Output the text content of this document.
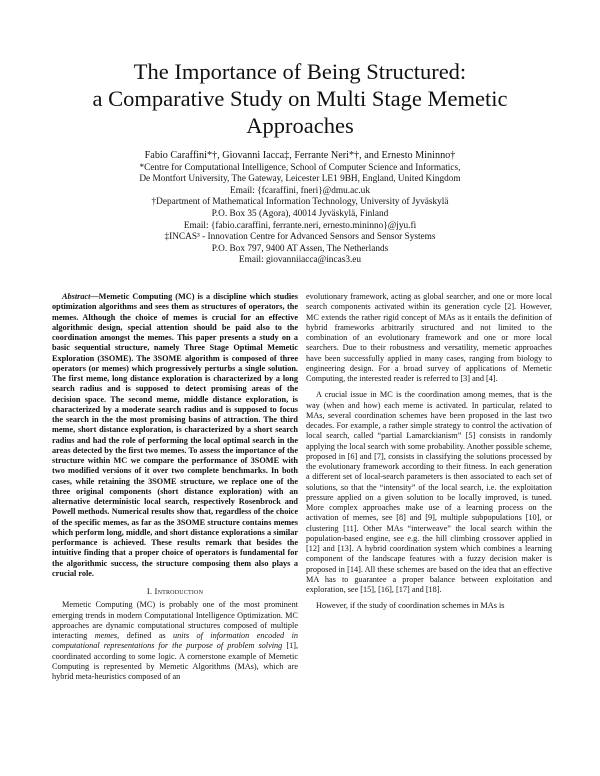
The Importance of Being Structured:
a Comparative Study on Multi Stage Memetic
Approaches
Fabio Caraffini*†, Giovanni Iacca‡, Ferrante Neri*†, and Ernesto Mininno†
*Centre for Computational Intelligence, School of Computer Science and Informatics,
De Montfort University, The Gateway, Leicester LE1 9BH, England, United Kingdom
Email: {fcaraffini, fneri}@dmu.ac.uk
†Department of Mathematical Information Technology, University of Jyväskylä
P.O. Box 35 (Agora), 40014 Jyväskylä, Finland
Email: {fabio.caraffini, ferrante.neri, ernesto.mininno}@jyu.fi
‡INCAS³ - Innovation Centre for Advanced Sensors and Sensor Systems
P.O. Box 797, 9400 AT Assen, The Netherlands
Email: giovanniiacca@incas3.eu

Abstract—Memetic Computing (MC) is a discipline which studies optimization algorithms and sees them as structures of operators, the memes. Although the choice of memes is crucial for an effective algorithmic design, special attention should be paid also to the coordination amongst the memes. This paper presents a study on a basic sequential structure, namely Three Stage Optimal Memetic Exploration (3SOME). The 3SOME algorithm is composed of three operators (or memes) which progressively perturbs a single solution. The first meme, long distance exploration is characterized by a long search radius and is supposed to detect promising areas of the decision space. The second meme, middle distance exploration, is characterized by a moderate search radius and is supposed to focus the search in the the most promising basins of attraction. The third meme, short distance exploration, is characterized by a short search radius and had the role of performing the local optimal search in the areas detected by the first two memes. To assess the importance of the structure within MC we compare the performance of 3SOME with two modified versions of it over two complete benchmarks. In both cases, while retaining the 3SOME structure, we replace one of the three original components (short distance exploration) with an alternative deterministic local search, respectively Rosenbrock and Powell methods. Numerical results show that, regardless of the choice of the specific memes, as far as the 3SOME structure contains memes which perform long, middle, and short distance explorations a similar performance is achieved. These results remark that besides the intuitive finding that a proper choice of operators is fundamental for the algorithmic success, the structure composing them also plays a crucial role.

I. Introduction

Memetic Computing (MC) is probably one of the most prominent emerging trends in modern Computational Intelligence Optimization. MC approaches are dynamic computational structures composed of multiple interacting memes, defined as units of information encoded in computational representations for the purpose of problem solving [1], coordinated according to some logic. A cornerstone example of Memetic Computing is represented by Memetic Algorithms (MAs), which are hybrid meta-heuristics composed of an

evolutionary framework, acting as global searcher, and one or more local search components activated within its generation cycle [2]. However, MC extends the rather rigid concept of MAs as it entails the definition of hybrid frameworks arbitrarily structured and not limited to the combination of an evolutionary framework and one or more local searchers. Due to their robustness and versatility, memetic approaches have been successfully applied in many cases, ranging from biology to engineering design. For a broad survey of applications of Memetic Computing, the interested reader is referred to [3] and [4].

A crucial issue in MC is the coordination among memes, that is the way (when and how) each meme is activated. In particular, related to MAs, several coordination schemes have been proposed in the last two decades. For example, a rather simple strategy to control the activation of local search, called “partial Lamarckianism” [5] consists in randomly applying the local search with some probability. Another possible scheme, proposed in [6] and [7], consists in classifying the solutions processed by the evolutionary framework according to their fitness. In each generation a different set of local-search parameters is then associated to each set of solutions, so that the “intensity” of the local search, i.e. the exploitation pressure applied on a given solution to be locally improved, is tuned. More complex approaches make use of a learning process on the activation of memes, see [8] and [9], multiple subpopulations [10], or clustering [11]. Other MAs “interweave” the local search within the population-based engine, see e.g. the hill climbing crossover applied in [12] and [13]. A hybrid coordination system which combines a learning component of the landscape features with a fuzzy decision maker is proposed in [14]. All these schemes are based on the idea that an effective MA has to guarantee a proper balance between exploitation and exploration, see [15], [16], [17] and [18].

However, if the study of coordination schemes in MAs is
